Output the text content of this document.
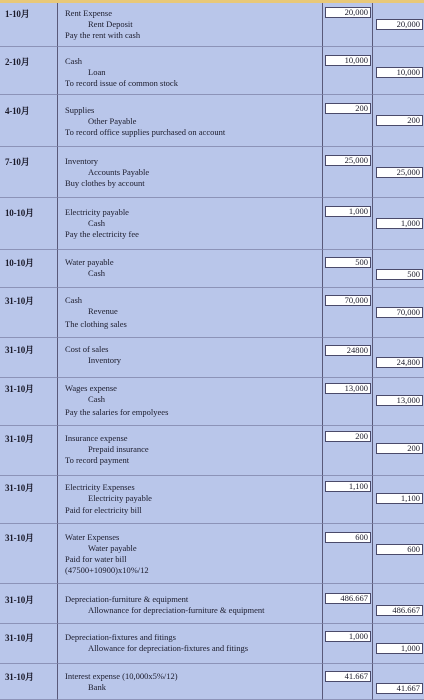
1-10月	Rent Expense
Rent Deposit
Pay the rent with cash
20,000
20,000
2-10月	Cash
Loan
To record issue of common stock
10,000
10,000
4-10月	Supplies
Other Payable
To record office supplies purchased on account
200
200
7-10月	Inventory
Accounts Payable
Buy clothes by account
25,000
25,000
10-10月	Electricity payable
Cash
Pay the electricity fee
1,000
1,000
10-10月	Water payable
Cash
500
500
31-10月	Cash
Revenue
The clothing sales
70,000
70,000
31-10月	Cost of sales
Inventory
24800
24,800
31-10月	Wages expense
Cash
Pay the salaries for empolyees
13,000
13,000
31-10月	Insurance expense
Prepaid insurance
To record payment
200
200
31-10月	Electricity Expenses
Electricity payable
Paid for electricity bill
1,100
1,100
31-10月	Water Expenses
Water payable
Paid for water bill
(47500+10900)x10%/12
600
600
31-10月	Depreciation-furniture & equipment
Allownance for depreciation-furniture & equipment
486.667
486.667
31-10月	Depreciation-fixtures and fitings
Allowance for depreciation-fixtures and fitings
1,000
1,000
31-10月	Interest expense (10,000x5%/12)
Bank
41.667
41.667
